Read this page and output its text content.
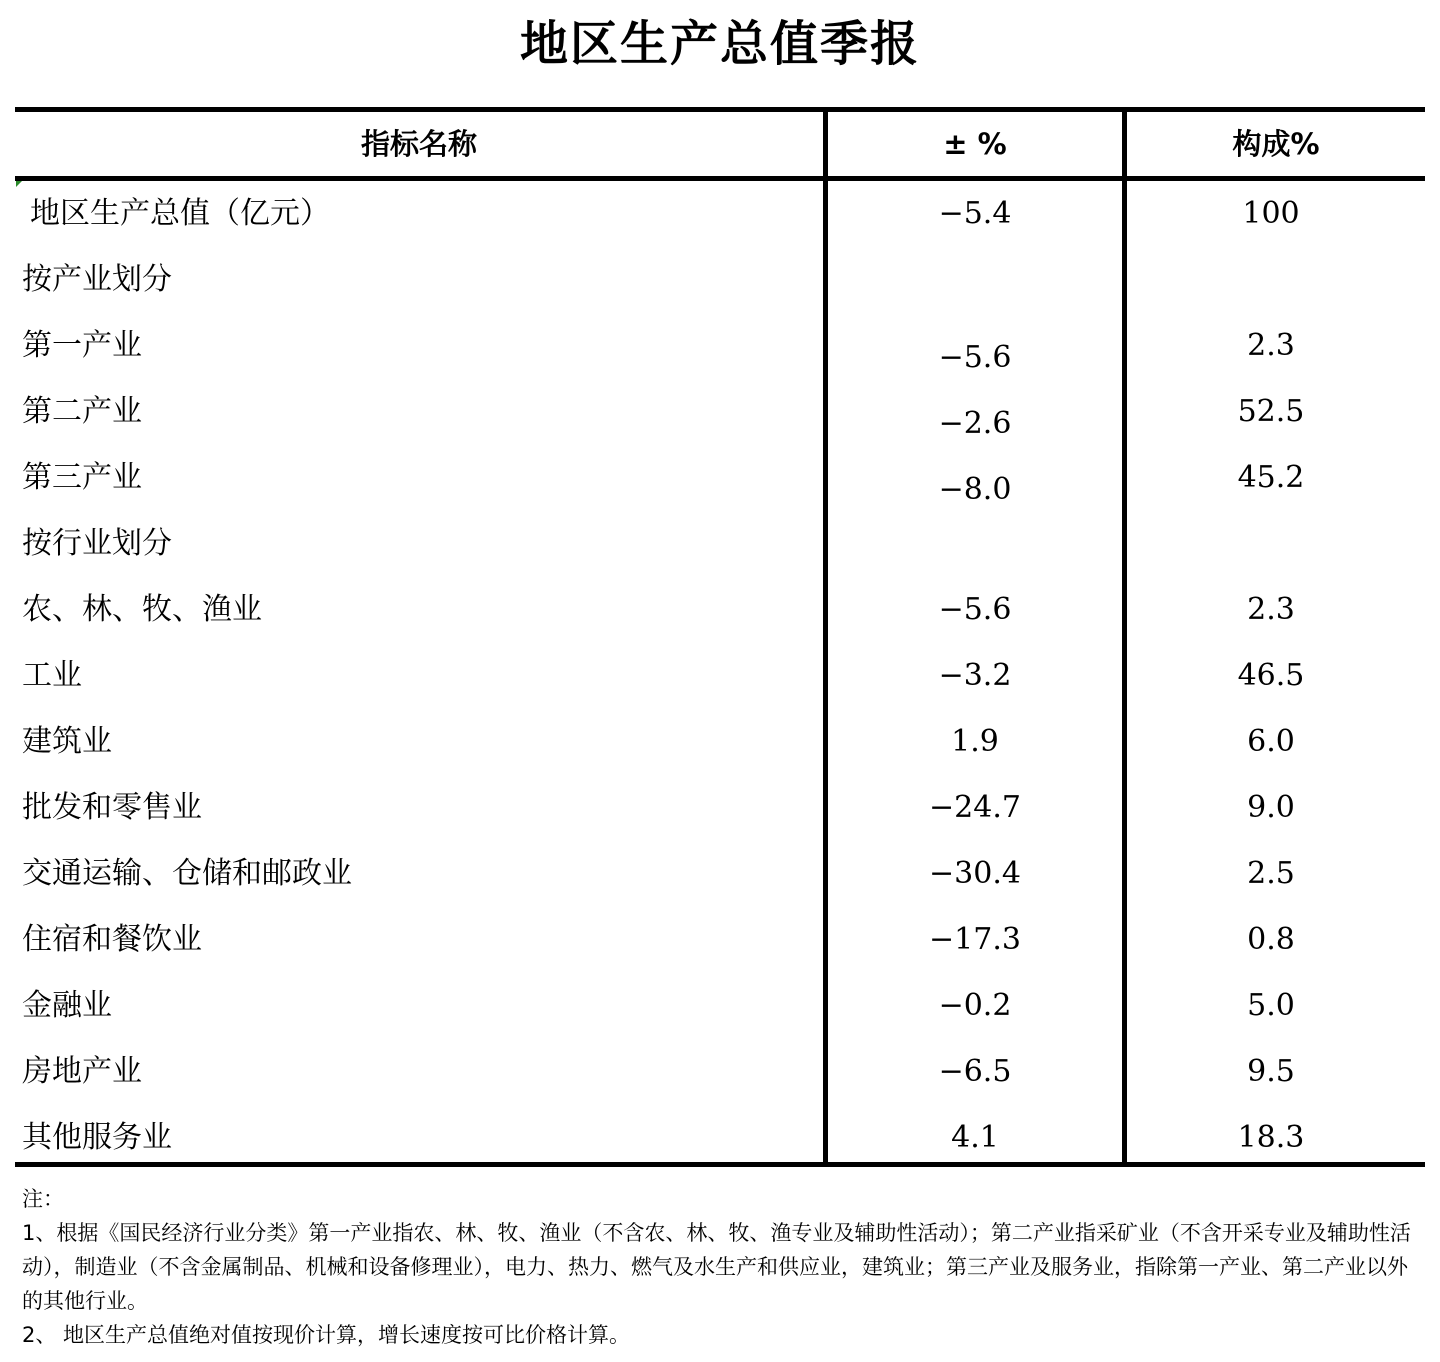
地区生产总值季报
指标名称	± %	构成%
地区生产总值（亿元）	−5.4	100
按产业划分
第一产业	−5.6	2.3
第二产业	−2.6	52.5
第三产业	−8.0	45.2
按行业划分
农、林、牧、渔业	−5.6	2.3
工业	−3.2	46.5
建筑业	1.9	6.0
批发和零售业	−24.7	9.0
交通运输、仓储和邮政业	−30.4	2.5
住宿和餐饮业	−17.3	0.8
金融业	−0.2	5.0
房地产业	−6.5	9.5
其他服务业	4.1	18.3

注：

1、根据《国民经济行业分类》第一产业指农、林、牧、渔业（不含农、林、牧、渔专业及辅助性活动）；第二产业指采矿业（不含开采专业及辅助性活动），制造业（不含金属制品、机械和设备修理业），电力、热力、燃气及水生产和供应业，建筑业；第三产业及服务业，指除第一产业、第二产业以外的其他行业。

2、 地区生产总值绝对值按现价计算，增长速度按可比价格计算。
